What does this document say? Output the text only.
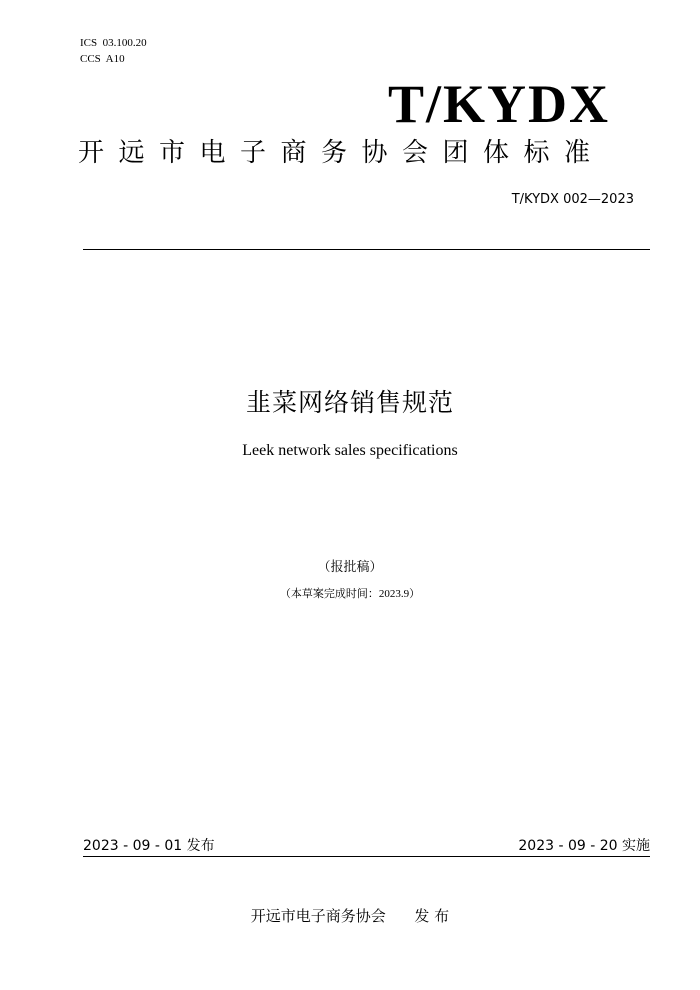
ICS  03.100.20
CCS  A10
T/KYDX
开远市电子商务协会团体标准
T/KYDX 002—2023
韭菜网络销售规范
Leek network sales specifications
（报批稿）
（本草案完成时间：2023.9）
2023 - 09 - 01 发布	2023 - 09 - 20 实施
开远市电子商务协会      发 布
